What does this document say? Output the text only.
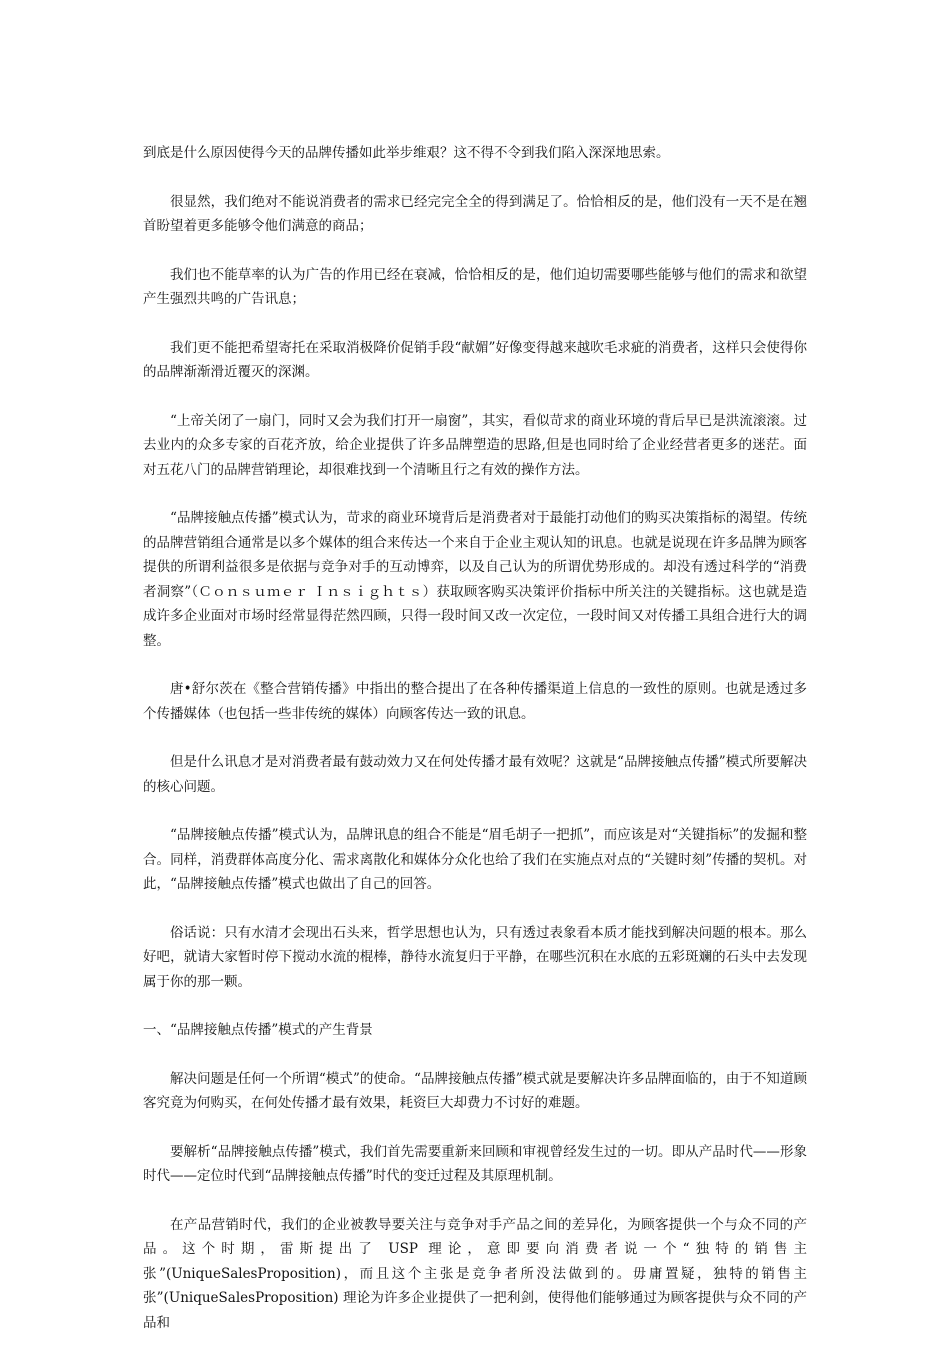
到底是什么原因使得今天的品牌传播如此举步维艰？这不得不令到我们陷入深深地思索。

很显然，我们绝对不能说消费者的需求已经完完全全的得到满足了。恰恰相反的是，他们没有一天不是在翘首盼望着更多能够令他们满意的商品；

我们也不能草率的认为广告的作用已经在衰减，恰恰相反的是，他们迫切需要哪些能够与他们的需求和欲望产生强烈共鸣的广告讯息；

我们更不能把希望寄托在采取消极降价促销手段“献媚”好像变得越来越吹毛求疵的消费者，这样只会使得你的品牌渐渐滑近覆灭的深渊。

“上帝关闭了一扇门，同时又会为我们打开一扇窗”，其实，看似苛求的商业环境的背后早已是洪流滚滚。过去业内的众多专家的百花齐放，给企业提供了许多品牌塑造的思路,但是也同时给了企业经营者更多的迷茫。面对五花八门的品牌营销理论，却很难找到一个清晰且行之有效的操作方法。

“品牌接触点传播”模式认为，苛求的商业环境背后是消费者对于最能打动他们的购买决策指标的渴望。传统的品牌营销组合通常是以多个媒体的组合来传达一个来自于企业主观认知的讯息。也就是说现在许多品牌为顾客提供的所谓利益很多是依据与竞争对手的互动博弈，以及自己认为的所谓优势形成的。却没有透过科学的“消费者洞察”（Ｃｏｎｓｕｍｅｒ Ｉｎｓｉｇｈｔｓ）获取顾客购买决策评价指标中所关注的关键指标。这也就是造成许多企业面对市场时经常显得茫然四顾，只得一段时间又改一次定位，一段时间又对传播工具组合进行大的调整。

唐•舒尔茨在《整合营销传播》中指出的整合提出了在各种传播渠道上信息的一致性的原则。也就是透过多个传播媒体（也包括一些非传统的媒体）向顾客传达一致的讯息。

但是什么讯息才是对消费者最有鼓动效力又在何处传播才最有效呢？这就是“品牌接触点传播”模式所要解决的核心问题。

“品牌接触点传播”模式认为，品牌讯息的组合不能是“眉毛胡子一把抓”，而应该是对“关键指标”的发掘和整合。同样，消费群体高度分化、需求离散化和媒体分众化也给了我们在实施点对点的“关键时刻”传播的契机。对此，“品牌接触点传播”模式也做出了自己的回答。

俗话说：只有水清才会现出石头来，哲学思想也认为，只有透过表象看本质才能找到解决问题的根本。那么好吧，就请大家暂时停下搅动水流的棍棒，静待水流复归于平静，在哪些沉积在水底的五彩斑斓的石头中去发现属于你的那一颗。

一、“品牌接触点传播”模式的产生背景

解决问题是任何一个所谓“模式”的使命。“品牌接触点传播”模式就是要解决许多品牌面临的，由于不知道顾客究竟为何购买，在何处传播才最有效果，耗资巨大却费力不讨好的难题。

要解析“品牌接触点传播”模式，我们首先需要重新来回顾和审视曾经发生过的一切。即从产品时代——形象时代——定位时代到“品牌接触点传播”时代的变迁过程及其原理机制。

在产品营销时代，我们的企业被教导要关注与竞争对手产品之间的差异化，为顾客提供一个与众不同的产品。这个时期，雷斯提出了 USP 理论，意即要向消费者说一个“独特的销售主张”(UniqueSalesProposition)，而且这个主张是竞争者所没法做到的。毋庸置疑，独特的销售主张”(UniqueSalesProposition) 理论为许多企业提供了一把利剑，使得他们能够通过为顾客提供与众不同的产品和
